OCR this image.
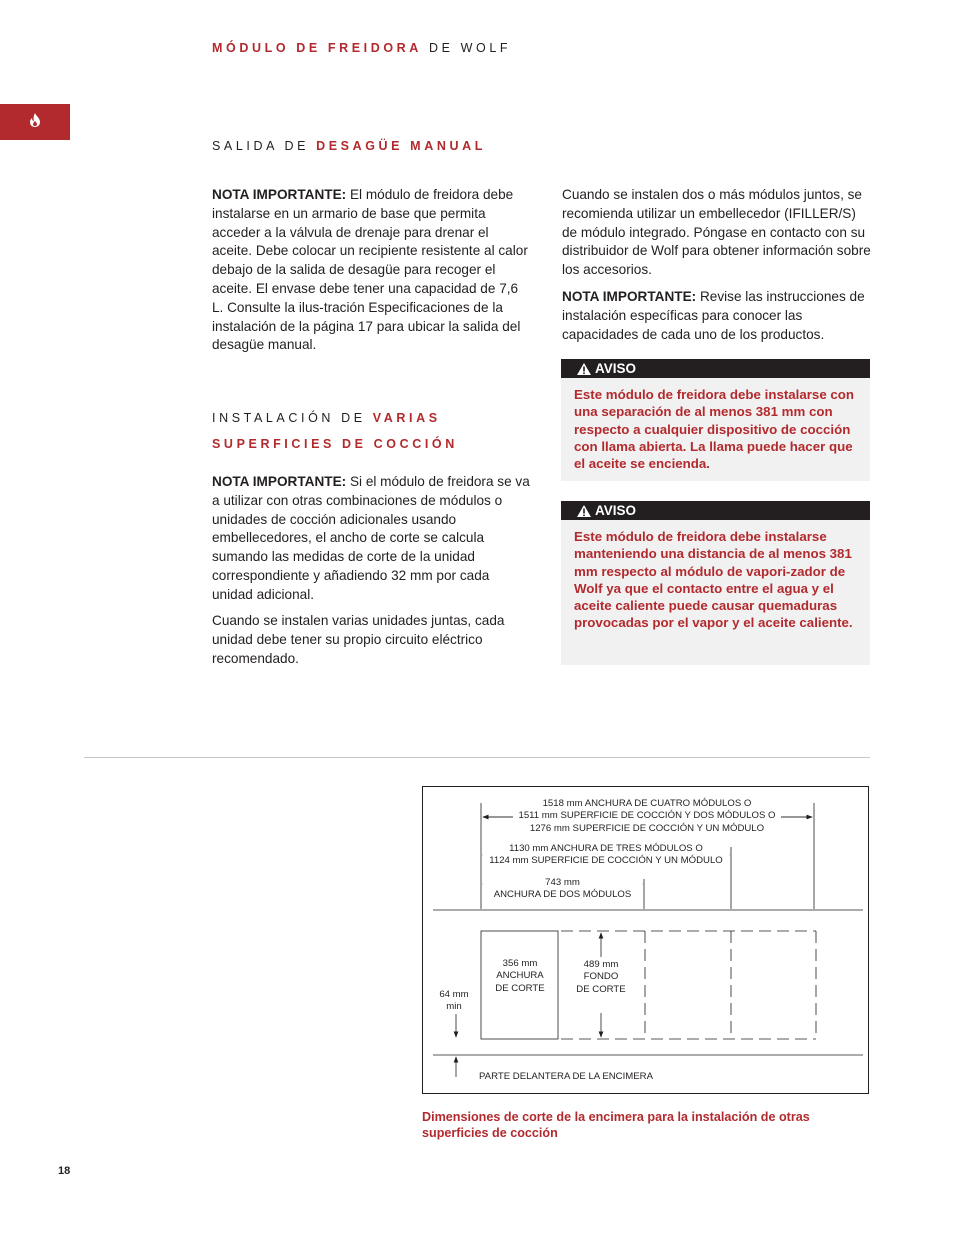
MÓDULO DE FREIDORA DE WOLF
SALIDA DE DESAGÜE MANUAL

NOTA IMPORTANTE: El módulo de freidora debe instalarse en un armario de base que permita acceder a la válvula de drenaje para drenar el aceite. Debe colocar un recipiente resistente al calor debajo de la salida de desagüe para recoger el aceite. El envase debe tener una capacidad de 7,6 L. Consulte la ilus-tración Especificaciones de la instalación de la página 17 para ubicar la salida del desagüe manual.

INSTALACIÓN DE VARIAS
SUPERFICIES DE COCCIÓN

NOTA IMPORTANTE: Si el módulo de freidora se va a utilizar con otras combinaciones de módulos o unidades de cocción adicionales usando embellecedores, el ancho de corte se calcula sumando las medidas de corte de la unidad correspondiente y añadiendo 32 mm por cada unidad adicional.

Cuando se instalen varias unidades juntas, cada unidad debe tener su propio circuito eléctrico recomendado.

Cuando se instalen dos o más módulos juntos, se recomienda utilizar un embellecedor (IFILLER/S) de módulo integrado. Póngase en contacto con su distribuidor de Wolf para obtener información sobre los accesorios.

NOTA IMPORTANTE: Revise las instrucciones de instalación específicas para conocer las capacidades de cada uno de los productos.

AVISO
Este módulo de freidora debe instalarse con una separación de al menos 381 mm con respecto a cualquier dispositivo de cocción con llama abierta. La llama puede hacer que el aceite se encienda.
AVISO
Este módulo de freidora debe instalarse manteniendo una distancia de al menos 381 mm respecto al módulo de vapori-zador de Wolf ya que el contacto entre el agua y el aceite caliente puede causar quemaduras provocadas por el vapor y el aceite caliente.
1518 mm ANCHURA DE CUATRO MÓDULOS O
1511 mm SUPERFICIE DE COCCIÓN Y DOS MÓDULOS O
1276 mm SUPERFICIE DE COCCIÓN Y UN MÓDULO
1130 mm ANCHURA DE TRES MÓDULOS O
1124 mm SUPERFICIE DE COCCIÓN Y UN MÓDULO
743 mm
ANCHURA DE DOS MÓDULOS
356 mm
ANCHURA
DE CORTE
489 mm
FONDO
DE CORTE
64 mm
min
PARTE DELANTERA DE LA ENCIMERA
Dimensiones de corte de la encimera para la instalación de otras superficies de cocción
18
